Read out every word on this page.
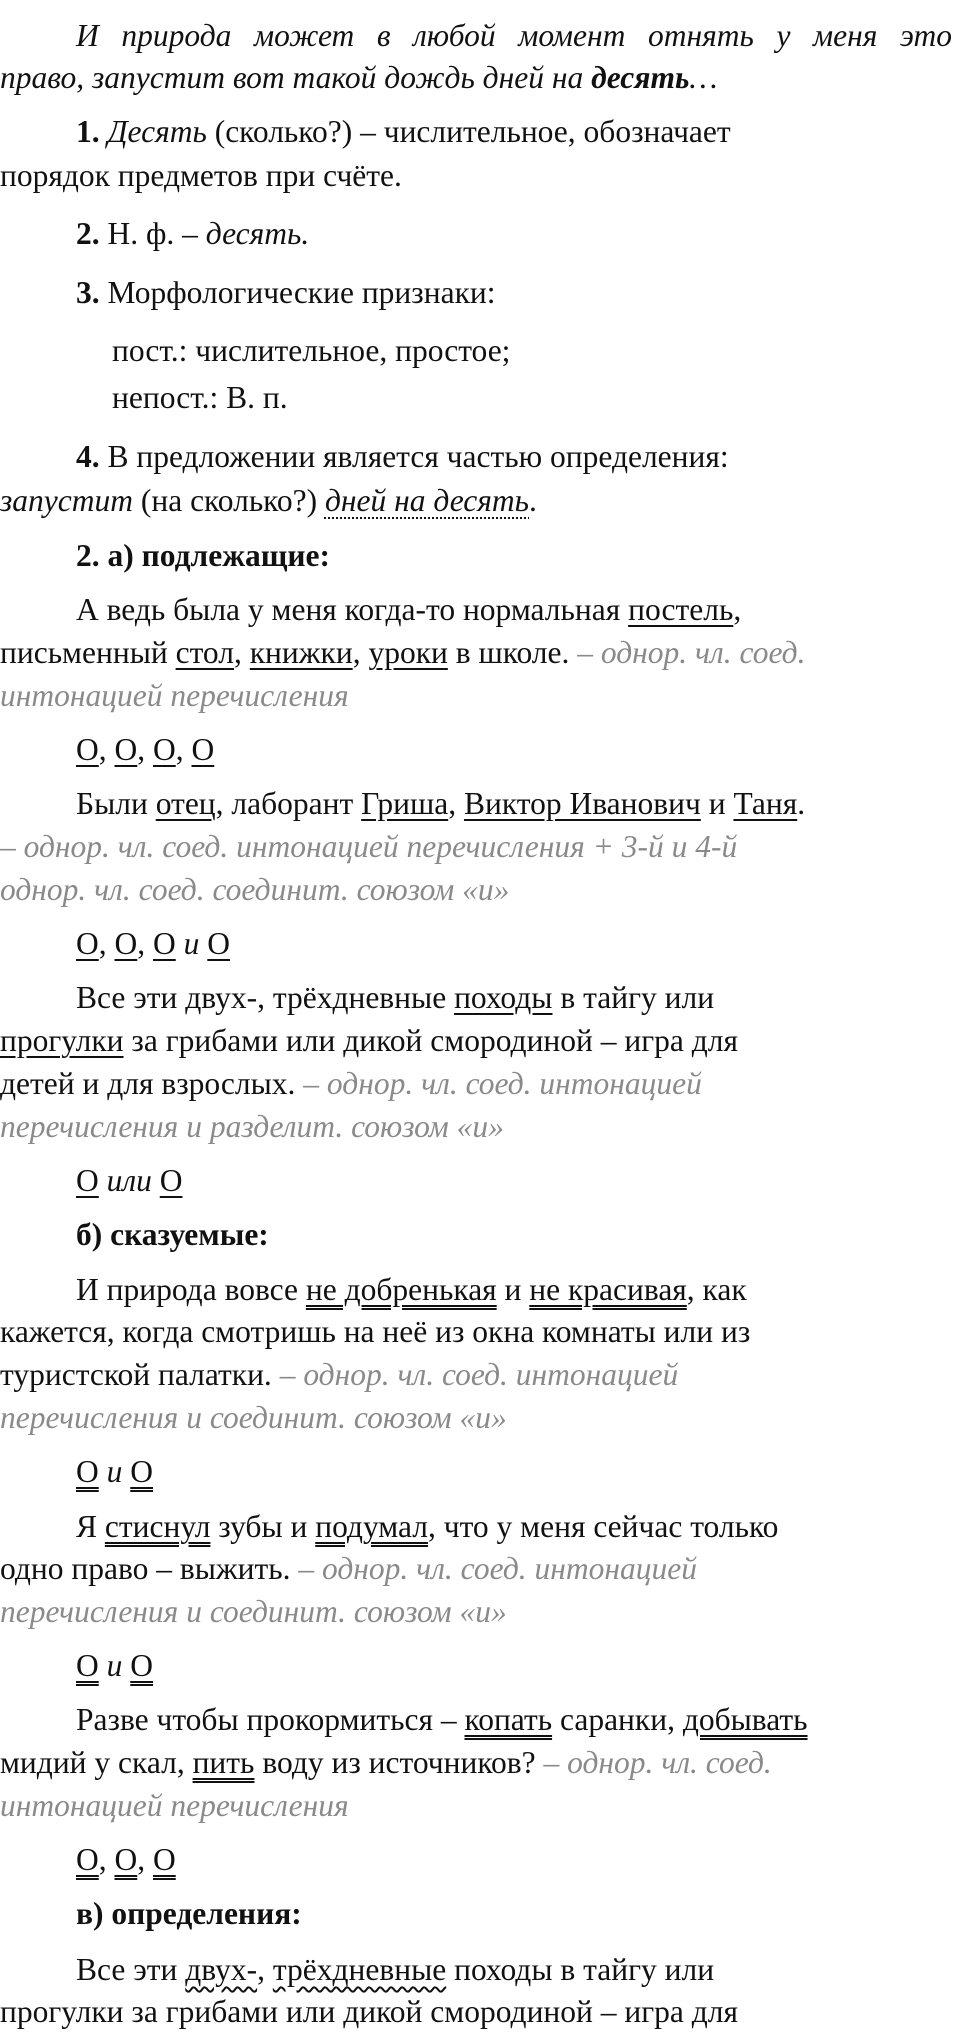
И природа может в любой момент отнять у меня это
право, запустит вот такой дождь дней на десять…
1. Десять (сколько?) – числительное, обозначает
порядок предметов при счёте.
2. Н. ф. – десять.
3. Морфологические признаки:
пост.: числительное, простое;
непост.: В. п.
4. В предложении является частью определения:
запустит (на сколько?) дней на десять.
2. а) подлежащие:
А ведь была у меня когда-то нормальная постель,
письменный стол, книжки, уроки в школе. – однор. чл. соед.
интонацией перечисления
О, О, О, О
Были отец, лаборант Гриша, Виктор Иванович и Таня.
– однор. чл. соед. интонацией перечисления + 3-й и 4-й
однор. чл. соед. соединит. союзом «и»
О, О, О и О
Все эти двух-, трёхдневные походы в тайгу или
прогулки за грибами или дикой смородиной – игра для
детей и для взрослых. – однор. чл. соед. интонацией
перечисления и разделит. союзом «и»
О или О
б) сказуемые:
И природа вовсе не добренькая и не красивая, как
кажется, когда смотришь на неё из окна комнаты или из
туристской палатки. – однор. чл. соед. интонацией
перечисления и соединит. союзом «и»
О и О
Я стиснул зубы и подумал, что у меня сейчас только
одно право – выжить. – однор. чл. соед. интонацией
перечисления и соединит. союзом «и»
О и О
Разве чтобы прокормиться – копать саранки, добывать
мидий у скал, пить воду из источников? – однор. чл. соед.
интонацией перечисления
О, О, О
в) определения:
Все эти двух-, трёхдневные походы в тайгу или
прогулки за грибами или дикой смородиной – игра для
